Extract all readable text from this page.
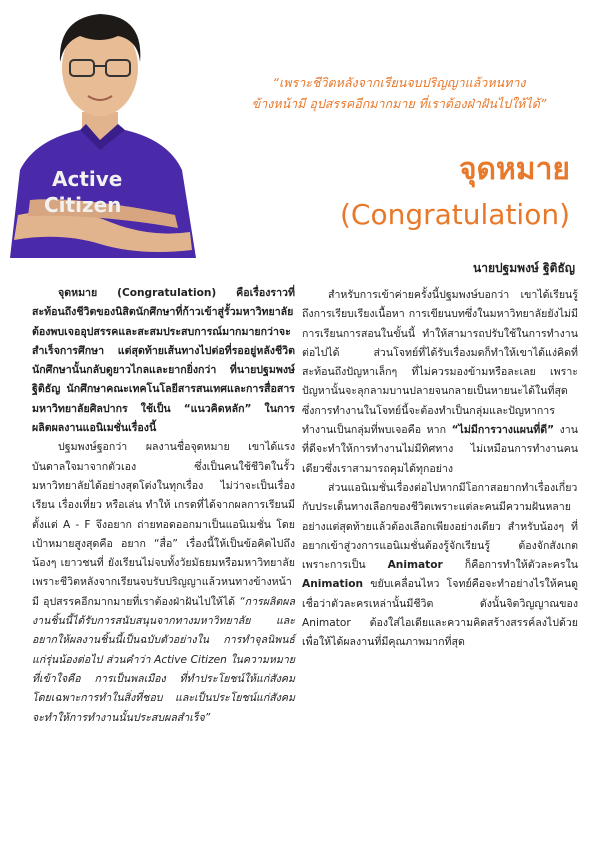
Active
Citizen
“เพราะชีวิตหลังจากเรียนจบปริญญาแล้วหนทาง
ข้างหน้ามี อุปสรรคอีกมากมาย ที่เราต้องฝ่าฝันไปให้ได้”
จุดหมาย
(Congratulation)
นายปฐมพงษ์ ฐิติธัญ

จุดหมาย (Congratulation) คือเรื่องราวที่สะท้อนถึงชีวิตของนิสิตนักศึกษาที่ก้าวเข้าสู่รั้วมหาวิทยาลัยต้องพบเจออุปสรรคและสะสมประสบการณ์มากมายกว่าจะสำเร็จการศึกษา แต่สุดท้ายเส้นทางไปต่อที่รออยู่หลังชีวิตนักศึกษานั้นกลับดูยาวไกลและยากยิ่งกว่า ที่นายปฐมพงษ์ ฐิติธัญ นักศึกษาคณะเทคโนโลยีสารสนเทศและการสื่อสาร มหาวิทยาลัยศิลปากร ใช้เป็น “แนวคิดหลัก” ในการผลิตผลงานแอนิเมชั่นเรื่องนี้

ปฐมพงษ์ฐอกว่า ผลงานชื่อจุดหมาย เขาได้แรงบันดาลใจมาจากตัวเอง ซึ่งเป็นคนใช้ชีวิตในรั้วมหาวิทยาลัยได้อย่างสุดโต่งในทุกเรื่อง ไม่ว่าจะเป็นเรื่องเรียน เรื่องเที่ยว หรือเล่น ทำให้ เกรดที่ได้จากผลการเรียนมีตั้งแต่ A - F จึงอยาก ถ่ายทอดออกมาเป็นแอนิเมชั่น โดยเป้าหมายสูงสุดคือ อยาก “สื่อ” เรื่องนี้ให้เป็นข้อคิดไปถึงน้องๆ เยาวชนที่ ยังเรียนไม่จบทั้งวัยมัธยมหรือมหาวิทยาลัย เพราะชีวิตหลังจากเรียนจบรับปริญญาแล้วหนทางข้างหน้ามี อุปสรรคอีกมากมายที่เราต้องฝ่าฝันไปให้ได้ “การผลิตผลงานชิ้นนี้ได้รับการสนับสนุนจากทางมหาวิทยาลัย และอยากให้ผลงานชิ้นนี้เป็นฉบับตัวอย่างใน การทำจุลนิพนธ์แก่รุ่นน้องต่อไป ส่วนคำว่า Active Citizen ในความหมายที่เข้าใจคือ การเป็นพลเมือง ที่ทำประโยชน์ให้แก่สังคม โดยเฉพาะการทำในสิ่งที่ชอบ และเป็นประโยชน์แก่สังคมจะทำให้การทำงานนั้นประสบผลสำเร็จ”

สำหรับการเข้าค่ายครั้งนี้ปฐมพงษ์บอกว่า เขาได้เรียนรู้ถึงการเรียบเรียงเนื้อหา การเขียนบทซึ่งในมหาวิทยาลัยยังไม่มีการเรียนการสอนในขั้นนี้ ทำให้สามารถปรับใช้ในการทำงานต่อไปได้ ส่วนโจทย์ที่ได้รับเรื่องมดก็ทำให้เขาได้แง่คิดที่สะท้อนถึงปัญหาเล็กๆ ที่ไม่ควรมองข้ามหรือละเลย เพราะปัญหานั้นจะลุกลามบานปลายจนกลายเป็นหายนะได้ในที่สุด ซึ่งการทำงานในโจทย์นี้จะต้องทำเป็นกลุ่มและปัญหาการทำงานเป็นกลุ่มที่พบเจอคือ หาก “ไม่มีการวางแผนที่ดี” งานที่ดีจะทำให้การทำงานไม่มีทิศทาง ไม่เหมือนการทำงานคนเดียวซึ่งเราสามารถคุมได้ทุกอย่าง

ส่วนแอนิเมชั่นเรื่องต่อไปหากมีโอกาสอยากทำเรื่องเกี่ยวกับประเด็นทางเลือกของชีวิตเพราะแต่ละคนมีความฝันหลายอย่างแต่สุดท้ายแล้วต้องเลือกเพียงอย่างเดียว สำหรับน้องๆ ที่อยากเข้าสู่วงการแอนิเมชั่นต้องรู้จักเรียนรู้ ต้องจักสังเกต เพราะการเป็น Animator ก็คือการทำให้ตัวละครใน Animation ขยับเคลื่อนไหว โจทย์คือจะทำอย่างไรให้คนดูเชื่อว่าตัวละครเหล่านั้นมีชีวิต ดังนั้นจิตวิญญาณของ Animator ต้องใส่ไอเดียและความคิดสร้างสรรค์ลงไปด้วยเพื่อให้ได้ผลงานที่มีคุณภาพมากที่สุด
